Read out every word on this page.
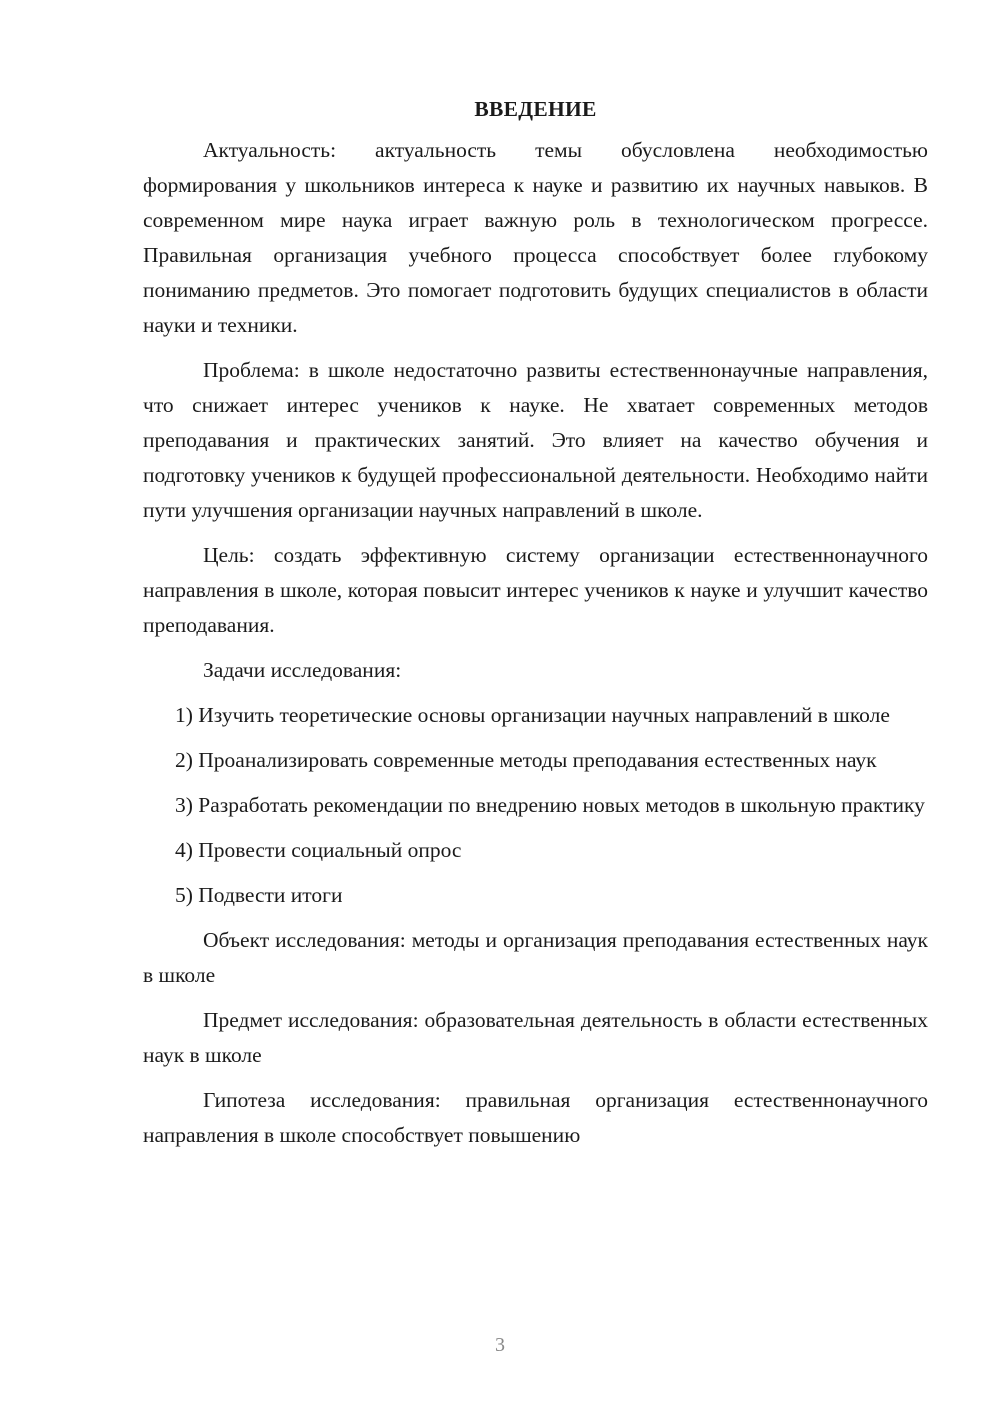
ВВЕДЕНИЕ

Актуальность: актуальность темы обусловлена необходимостью формирования у школьников интереса к науке и развитию их научных навыков. В современном мире наука играет важную роль в технологическом прогрессе. Правильная организация учебного процесса способствует более глубокому пониманию предметов. Это помогает подготовить будущих специалистов в области науки и техники.

Проблема: в школе недостаточно развиты естественнонаучные направления, что снижает интерес учеников к науке. Не хватает современных методов преподавания и практических занятий. Это влияет на качество обучения и подготовку учеников к будущей профессиональной деятельности. Необходимо найти пути улучшения организации научных направлений в школе.

Цель: создать эффективную систему организации естественнонаучного направления в школе, которая повысит интерес учеников к науке и улучшит качество преподавания.

Задачи исследования:

1) Изучить теоретические основы организации научных направлений в школе

2) Проанализировать современные методы преподавания естественных наук

3) Разработать рекомендации по внедрению новых методов в школьную практику

4) Провести социальный опрос

5) Подвести итоги

Объект исследования: методы и организация преподавания естественных наук в школе

Предмет исследования: образовательная деятельность в области естественных наук в школе

Гипотеза исследования: правильная организация естественнонаучного направления в школе способствует повышению

3
